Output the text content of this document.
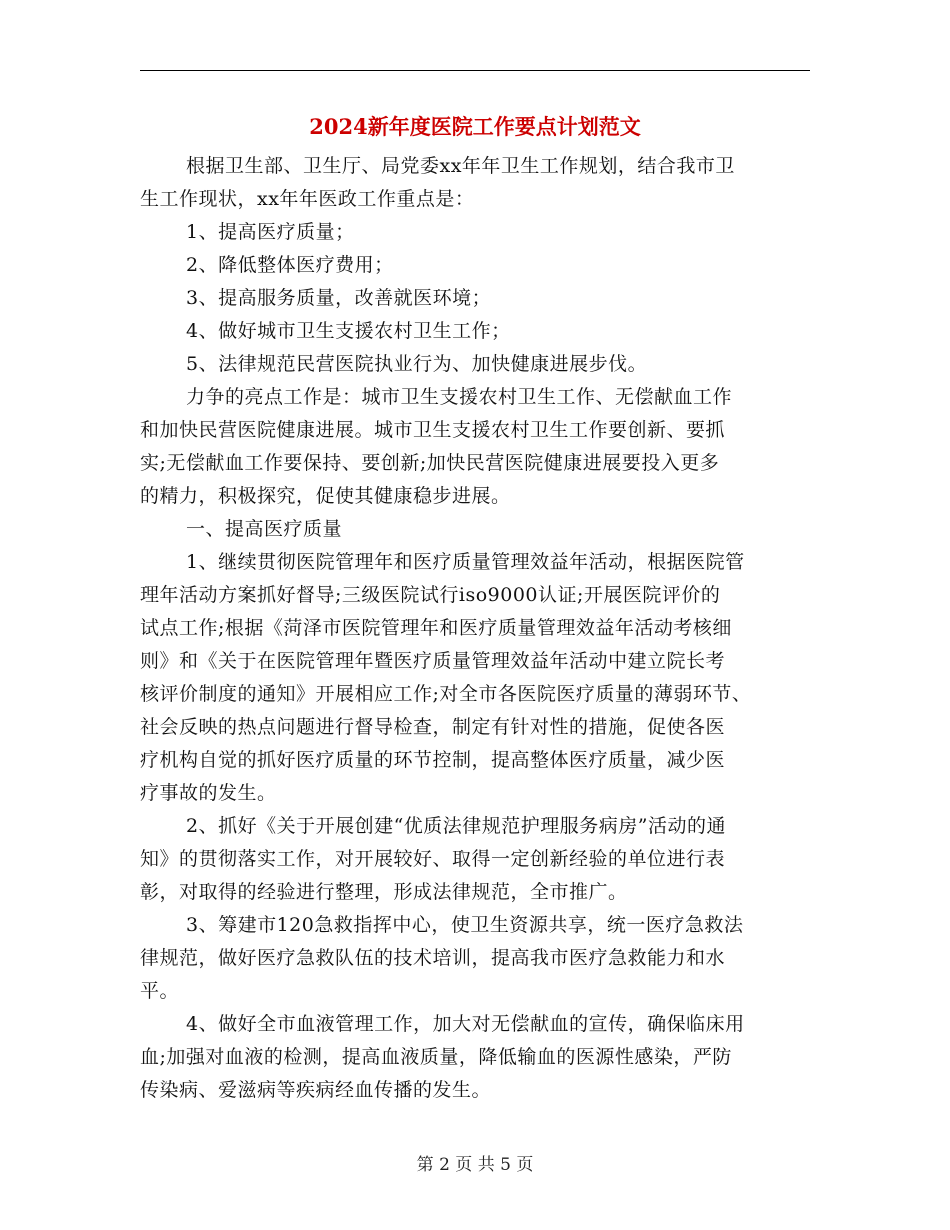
2024新年度医院工作要点计划范文
根据卫生部、卫生厅、局党委xx年年卫生工作规划，结合我市卫
生工作现状，xx年年医政工作重点是：
1、提高医疗质量；
2、降低整体医疗费用；
3、提高服务质量，改善就医环境；
4、做好城市卫生支援农村卫生工作；
5、法律规范民营医院执业行为、加快健康进展步伐。
力争的亮点工作是：城市卫生支援农村卫生工作、无偿献血工作
和加快民营医院健康进展。城市卫生支援农村卫生工作要创新、要抓
实;无偿献血工作要保持、要创新;加快民营医院健康进展要投入更多
的精力，积极探究，促使其健康稳步进展。
一、提高医疗质量
1、继续贯彻医院管理年和医疗质量管理效益年活动，根据医院管
理年活动方案抓好督导;三级医院试行iso9000认证;开展医院评价的
试点工作;根据《菏泽市医院管理年和医疗质量管理效益年活动考核细
则》和《关于在医院管理年暨医疗质量管理效益年活动中建立院长考
核评价制度的通知》开展相应工作;对全市各医院医疗质量的薄弱环节、
社会反映的热点问题进行督导检查，制定有针对性的措施，促使各医
疗机构自觉的抓好医疗质量的环节控制，提高整体医疗质量，减少医
疗事故的发生。
2、抓好《关于开展创建“优质法律规范护理服务病房”活动的通
知》的贯彻落实工作，对开展较好、取得一定创新经验的单位进行表
彰，对取得的经验进行整理，形成法律规范，全市推广。
3、筹建市120急救指挥中心，使卫生资源共享，统一医疗急救法
律规范，做好医疗急救队伍的技术培训，提高我市医疗急救能力和水
平。
4、做好全市血液管理工作，加大对无偿献血的宣传，确保临床用
血;加强对血液的检测，提高血液质量，降低输血的医源性感染，严防
传染病、爱滋病等疾病经血传播的发生。
第 2 页 共 5 页
